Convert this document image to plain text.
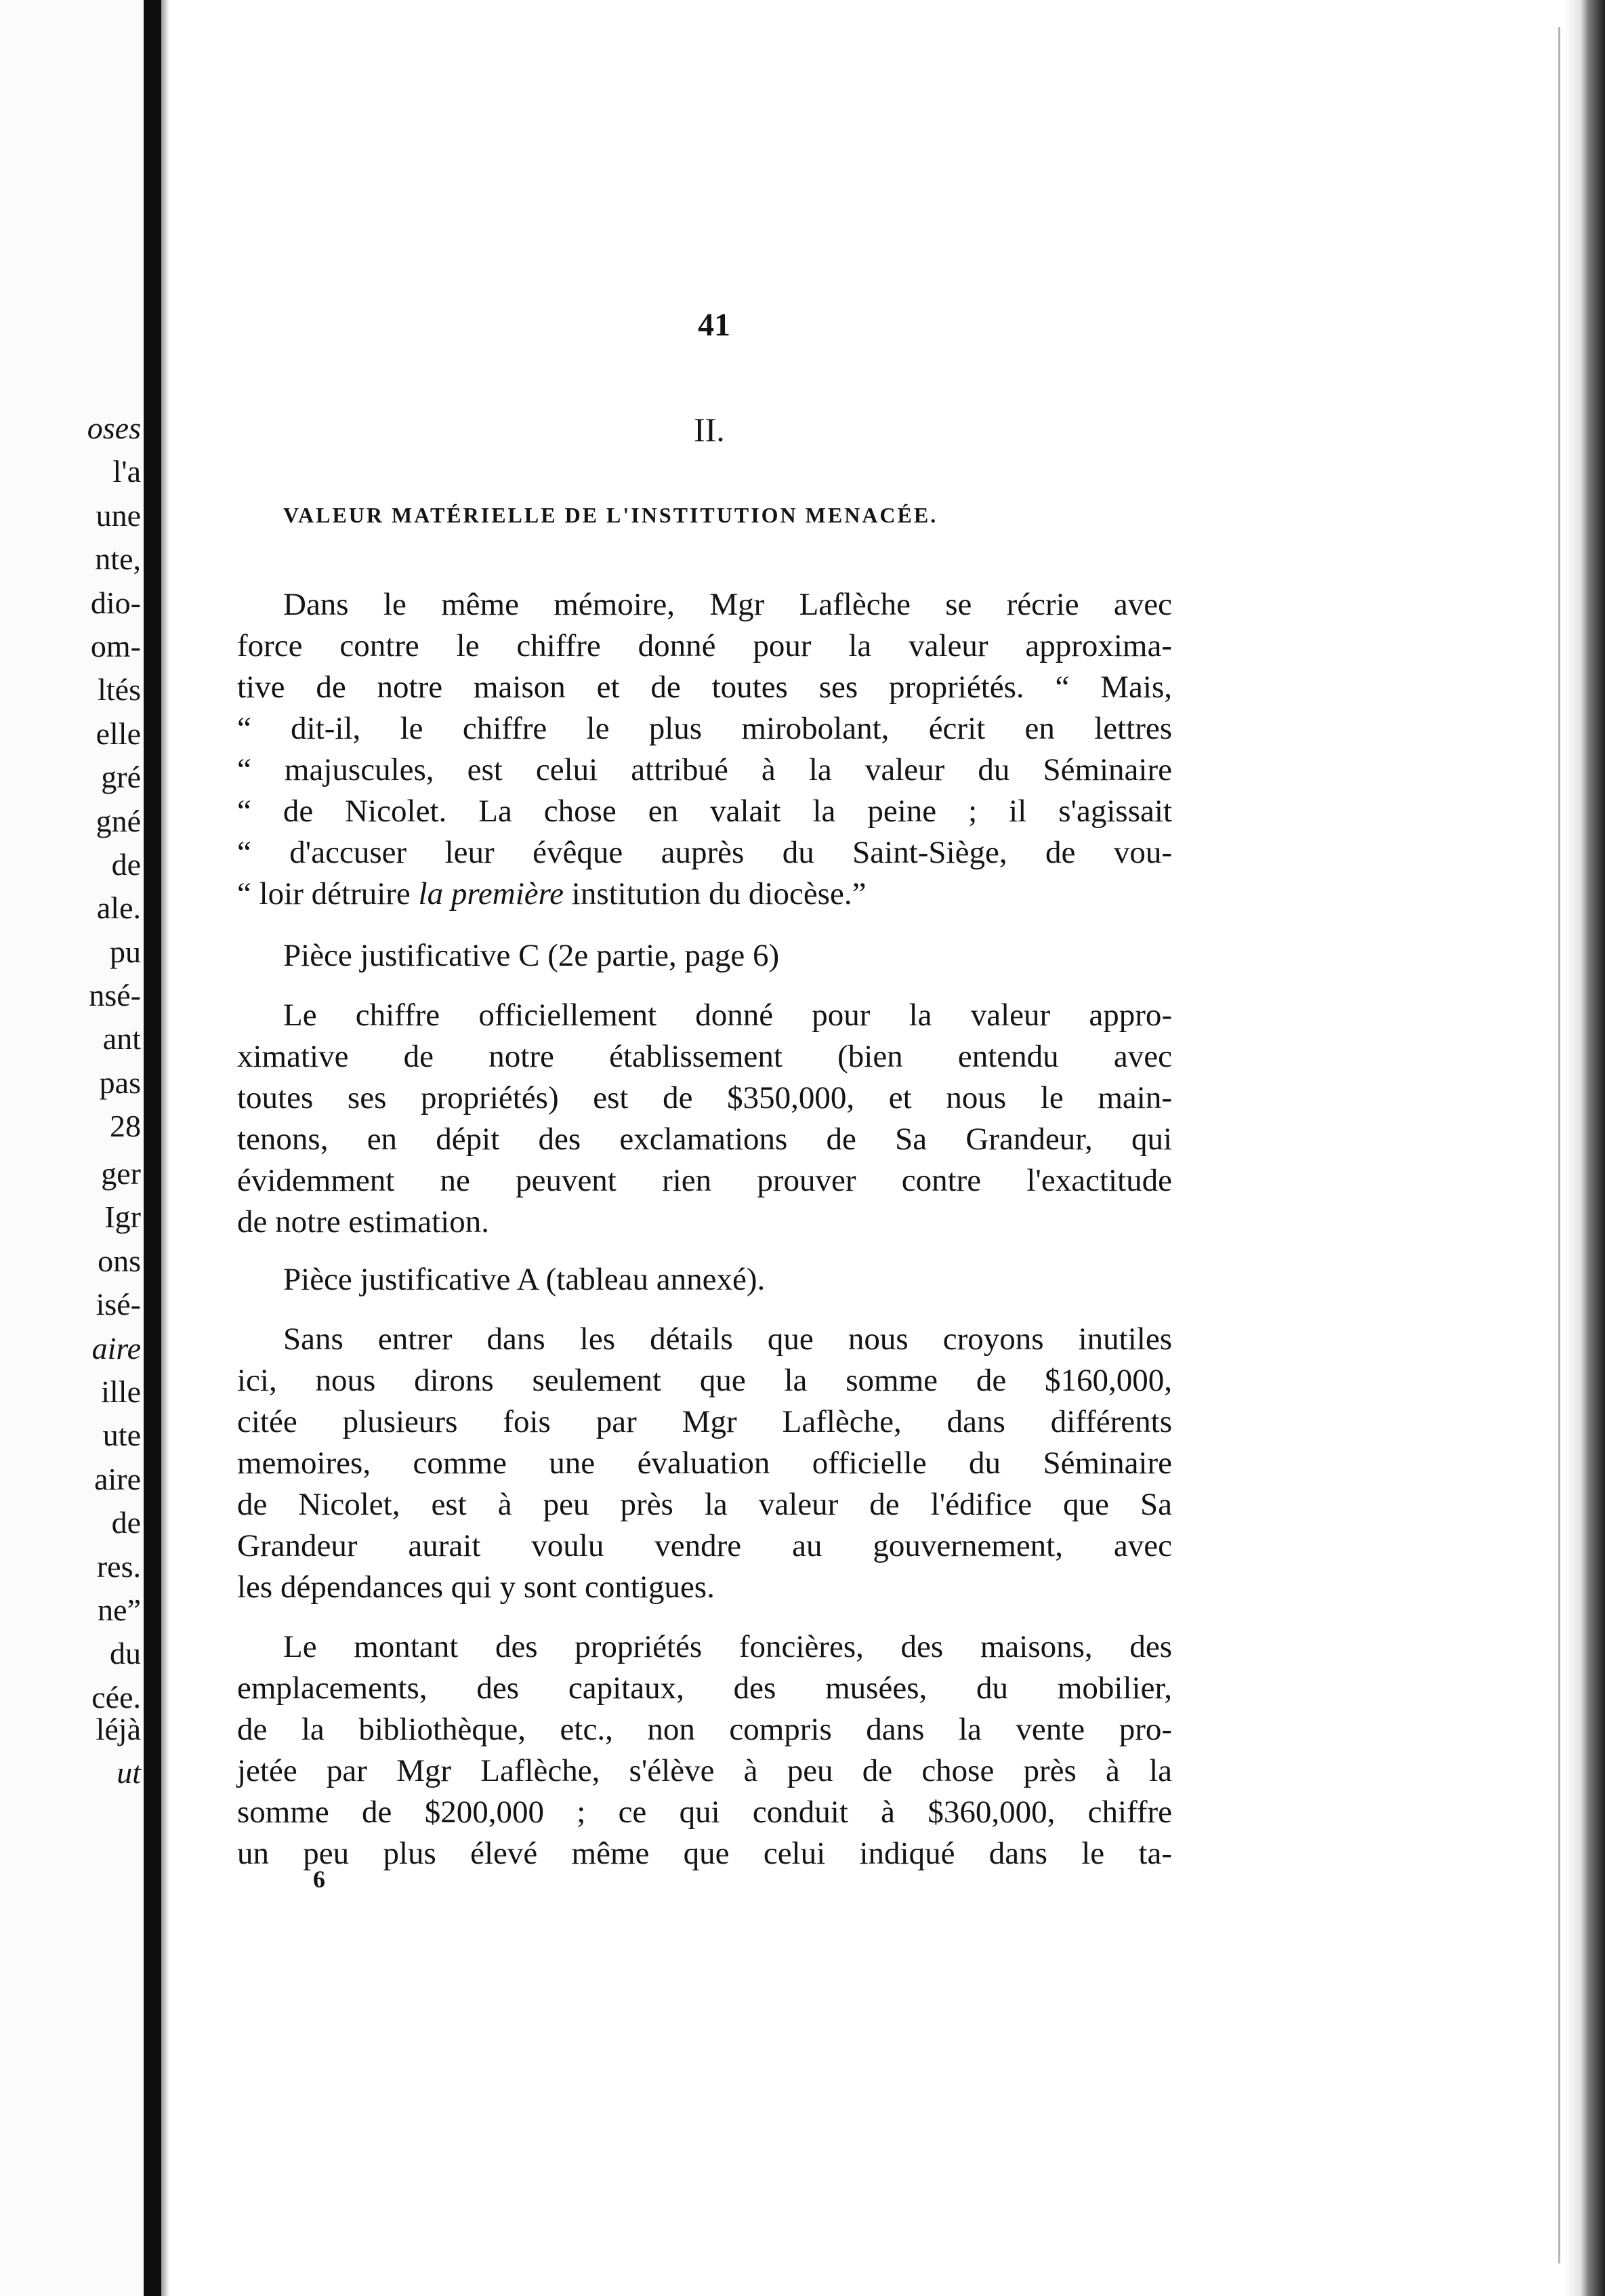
oses
l'a
une
nte,
dio-
om-
ltés
elle
gré
gné
de
ale.
pu
nsé-
ant
pas
28
ger
Igr
ons
isé-
aire
ille
ute
aire
de
res.
ne”
du
cée.
léjà
ut
41
II.
VALEUR MATÉRIELLE DE L'INSTITUTION MENACÉE.
Dans le même mémoire, Mgr Laflèche se récrie avec
force contre le chiffre donné pour la valeur approxima-
tive de notre maison et de toutes ses propriétés. “ Mais,
“ dit-il, le chiffre le plus mirobolant, écrit en lettres
“ majuscules, est celui attribué à la valeur du Séminaire
“ de Nicolet. La chose en valait la peine ; il s'agissait
“ d'accuser leur évêque auprès du Saint-Siège, de vou-
“ loir détruire la première institution du diocèse.”
Pièce justificative C (2e partie, page 6)
Le chiffre officiellement donné pour la valeur appro-
ximative de notre établissement (bien entendu avec
toutes ses propriétés) est de $350,000, et nous le main-
tenons, en dépit des exclamations de Sa Grandeur, qui
évidemment ne peuvent rien prouver contre l'exactitude
de notre estimation.
Pièce justificative A (tableau annexé).
Sans entrer dans les détails que nous croyons inutiles
ici, nous dirons seulement que la somme de $160,000,
citée plusieurs fois par Mgr Laflèche, dans différents
memoires, comme une évaluation officielle du Séminaire
de Nicolet, est à peu près la valeur de l'édifice que Sa
Grandeur aurait voulu vendre au gouvernement, avec
les dépendances qui y sont contigues.
Le montant des propriétés foncières, des maisons, des
emplacements, des capitaux, des musées, du mobilier,
de la bibliothèque, etc., non compris dans la vente pro-
jetée par Mgr Laflèche, s'élève à peu de chose près à la
somme de $200,000 ; ce qui conduit à $360,000, chiffre
un peu plus élevé même que celui indiqué dans le ta-
6
